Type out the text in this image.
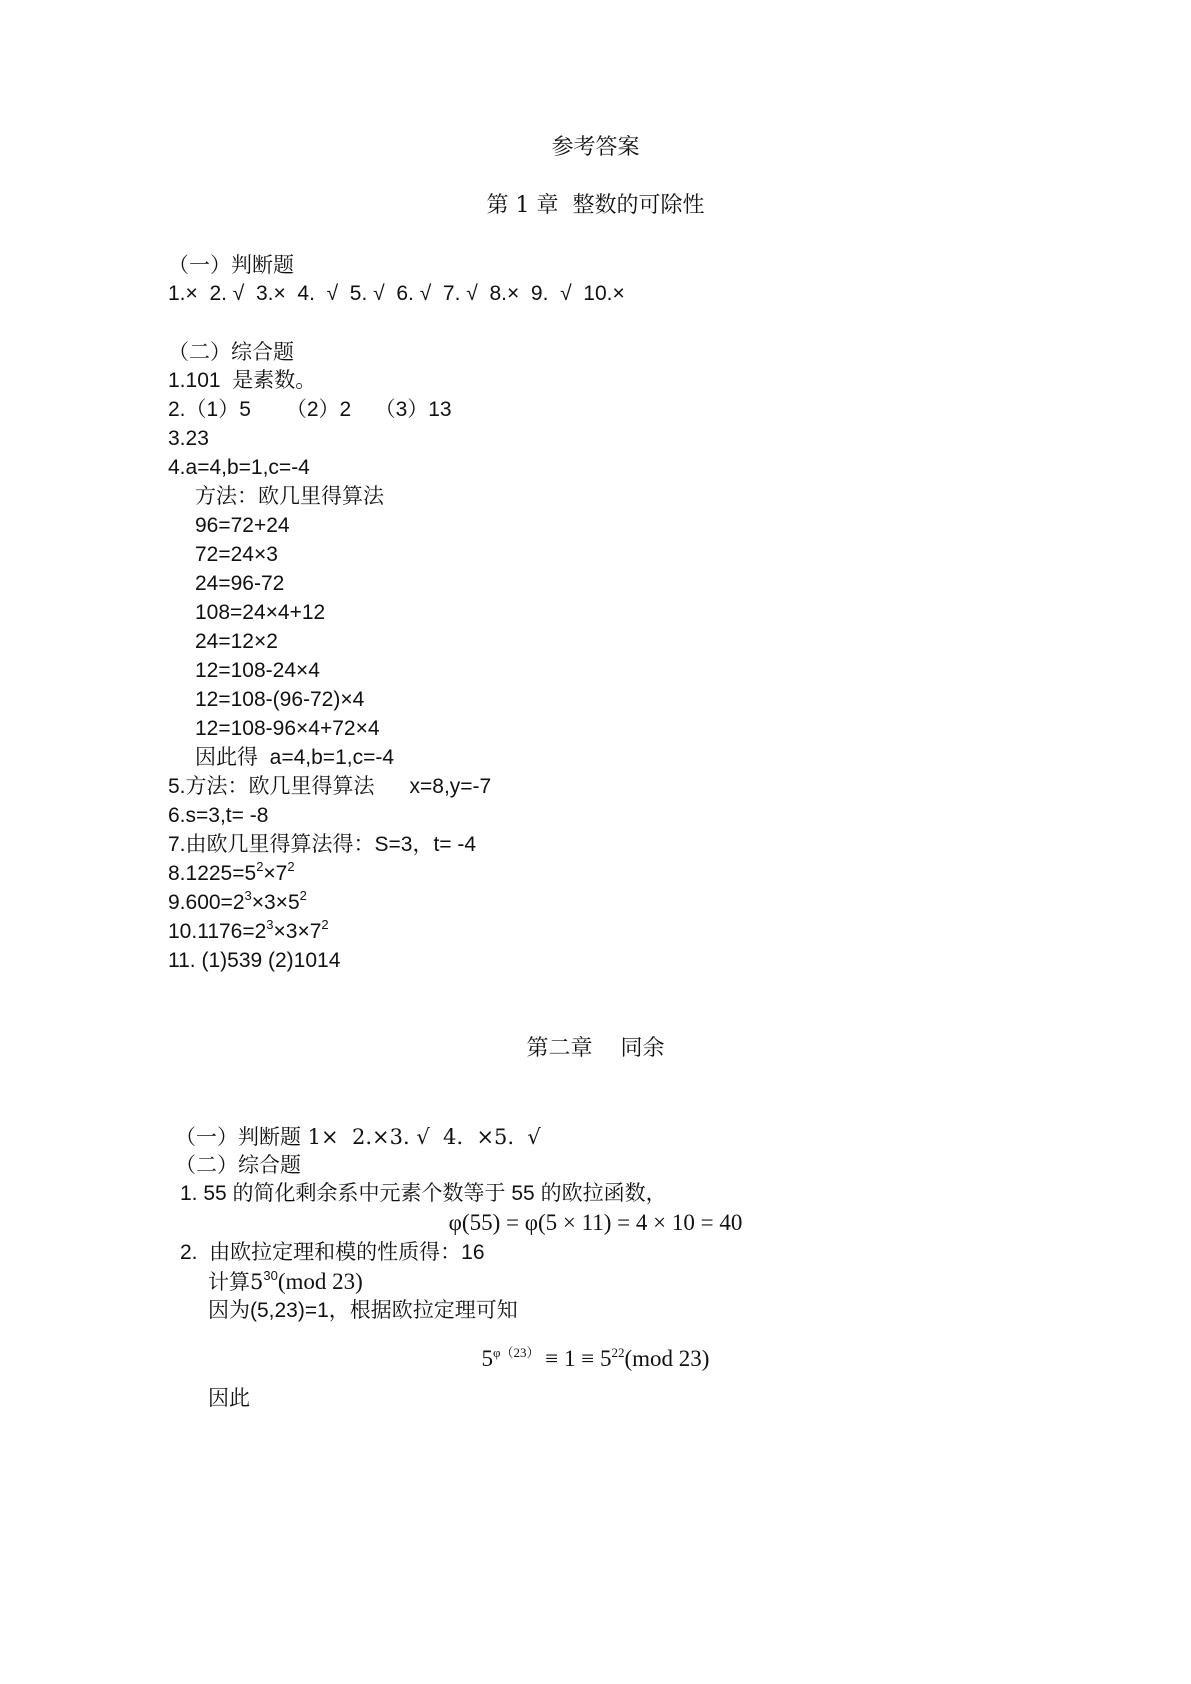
参考答案
第 1 章  整数的可除性
（一）判断题
1.×  2. √  3.×  4.  √  5. √  6. √  7. √  8.×  9.  √  10.×
（二）综合题
1.101  是素数。
2.（1）5      （2）2    （3）13
3.23
4.a=4,b=1,c=-4
方法：欧几里得算法
96=72+24
72=24×3
24=96-72
108=24×4+12
24=12×2
12=108-24×4
12=108-(96-72)×4
12=108-96×4+72×4
因此得  a=4,b=1,c=-4
5.方法：欧几里得算法      x=8,y=-7
6.s=3,t= -8
7.由欧几里得算法得：S=3，t= -4
$8.1225=5^2\times 7^2$
$9.600=2^3\times 3\times 5^2$
$10.1176=2^3\times 3\times 7^2$
11. (1)539 (2)1014
第二章    同余
（一）判断题 1×  2.×3. √  4.  ×5.  √
（二）综合题
1. 55 的简化剩余系中元素个数等于 55 的欧拉函数，
φ(55) = φ(5 × 11) = 4 × 10 = 40
2.  由欧拉定理和模的性质得：16
计算$5^{30}(mod$ 23)
因为(5,23)=1，根据欧拉定理可知
$5^{\varphi(23)} \equiv 1 \equiv 5^{22}(mod$ 23)
因此
